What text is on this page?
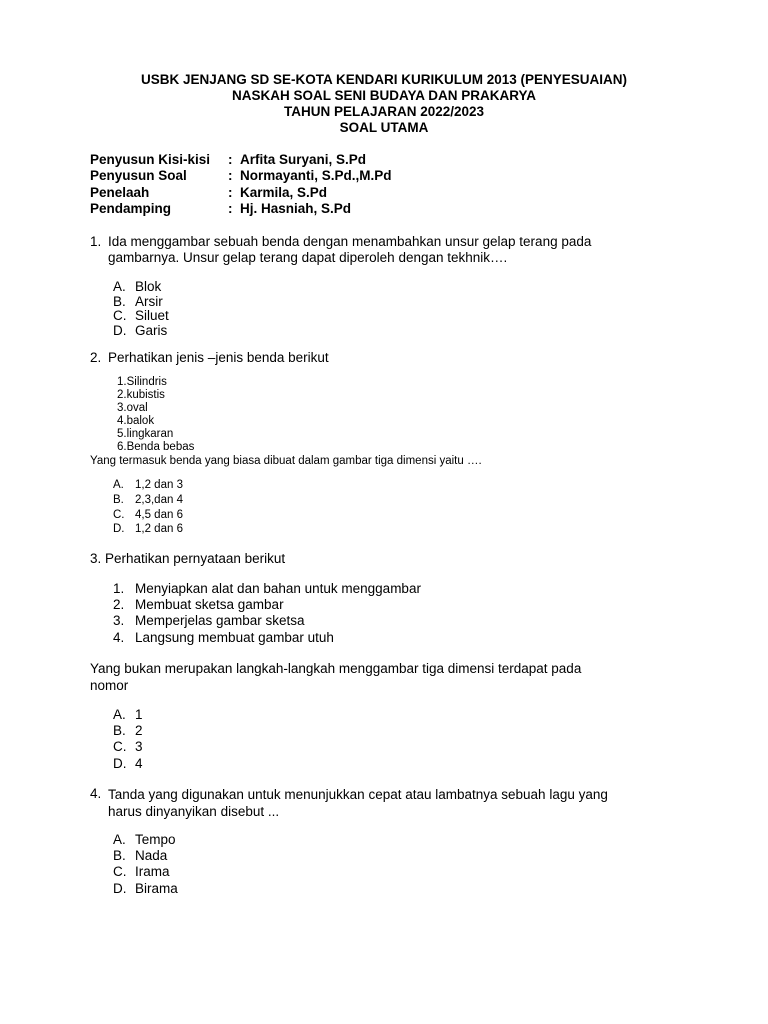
USBK JENJANG SD SE-KOTA KENDARI KURIKULUM 2013 (PENYESUAIAN)
NASKAH SOAL SENI BUDAYA DAN PRAKARYA
TAHUN PELAJARAN 2022/2023
SOAL UTAMA
Penyusun Kisi-kisi	: Arfita Suryani, S.Pd
Penyusun Soal	: Normayanti, S.Pd.,M.Pd
Penelaah	: Karmila, S.Pd
Pendamping	: Hj. Hasniah, S.Pd
1. Ida menggambar sebuah benda dengan menambahkan unsur gelap terang pada
gambarnya. Unsur gelap terang dapat diperoleh dengan tekhnik….
A. Blok
B. Arsir
C. Siluet
D. Garis
2. Perhatikan jenis –jenis benda berikut
1.Silindris
2.kubistis
3.oval
4.balok
5.lingkaran
6.Benda bebas
Yang termasuk benda yang biasa dibuat dalam gambar tiga dimensi yaitu ….
A. 1,2 dan 3
B. 2,3,dan 4
C. 4,5 dan 6
D. 1,2 dan 6
3. Perhatikan pernyataan berikut
1. Menyiapkan alat dan bahan untuk menggambar
2. Membuat sketsa gambar
3. Memperjelas gambar sketsa
4. Langsung membuat gambar utuh
Yang bukan merupakan langkah-langkah menggambar tiga dimensi terdapat pada
nomor
A. 1
B. 2
C. 3
D. 4
4. Tanda yang digunakan untuk menunjukkan cepat atau lambatnya sebuah lagu yang
harus dinyanyikan disebut ...
A. Tempo
B. Nada
C. Irama
D. Birama
